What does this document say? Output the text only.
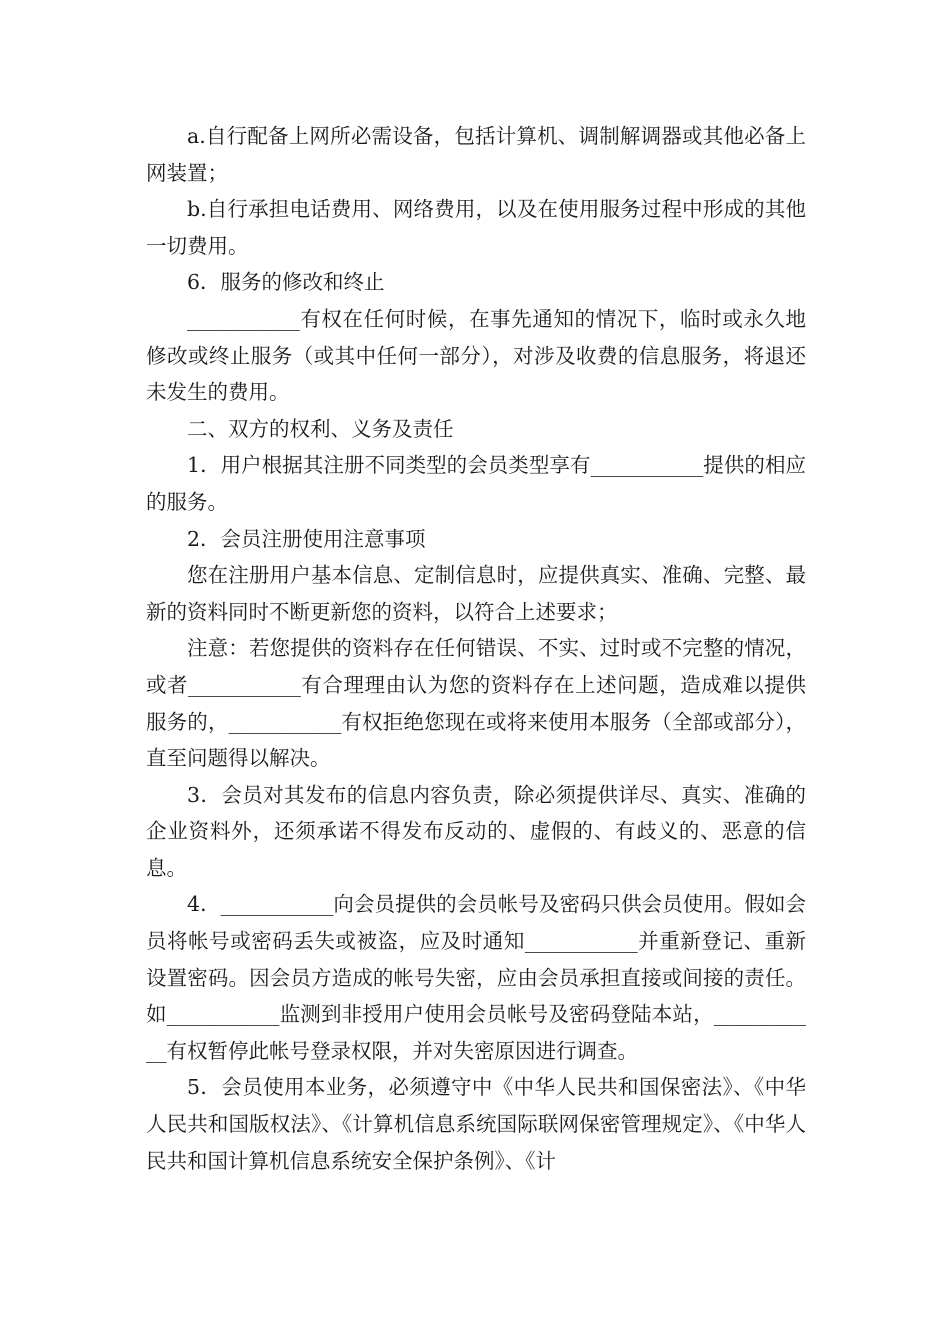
a.自行配备上网所必需设备，包括计算机、调制解调器或其他必备上网装置；

b.自行承担电话费用、网络费用，以及在使用服务过程中形成的其他一切费用。

6．服务的修改和终止

___________有权在任何时候，在事先通知的情况下，临时或永久地修改或终止服务（或其中任何一部分），对涉及收费的信息服务，将退还未发生的费用。

二、双方的权利、义务及责任

1．用户根据其注册不同类型的会员类型享有___________提供的相应的服务。

2．会员注册使用注意事项

您在注册用户基本信息、定制信息时，应提供真实、准确、完整、最新的资料同时不断更新您的资料，以符合上述要求；

注意：若您提供的资料存在任何错误、不实、过时或不完整的情况，或者___________有合理理由认为您的资料存在上述问题，造成难以提供服务的，___________有权拒绝您现在或将来使用本服务（全部或部分），直至问题得以解决。

3．会员对其发布的信息内容负责，除必须提供详尽、真实、准确的企业资料外，还须承诺不得发布反动的、虚假的、有歧义的、恶意的信息。

4．___________向会员提供的会员帐号及密码只供会员使用。假如会员将帐号或密码丢失或被盗，应及时通知___________并重新登记、重新设置密码。因会员方造成的帐号失密，应由会员承担直接或间接的责任。如___________监测到非授用户使用会员帐号及密码登陆本站，___________有权暂停此帐号登录权限，并对失密原因进行调查。

5．会员使用本业务，必须遵守中《中华人民共和国保密法》、《中华人民共和国版权法》、《计算机信息系统国际联网保密管理规定》、《中华人民共和国计算机信息系统安全保护条例》、《计
